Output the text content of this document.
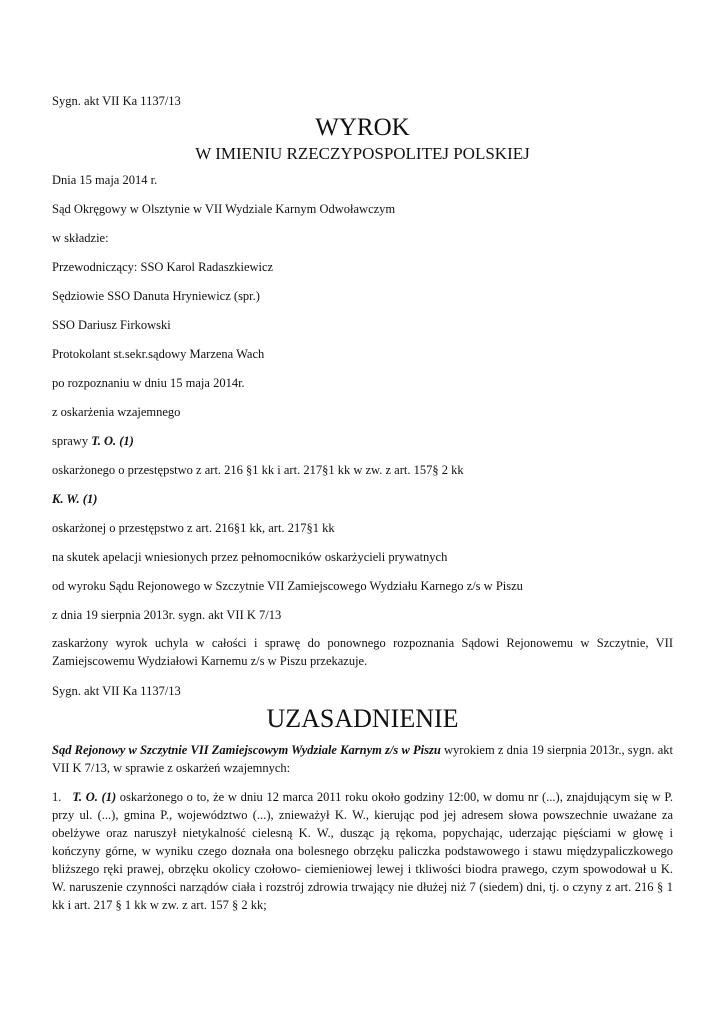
Sygn. akt VII Ka 1137/13
WYROK
W IMIENIU RZECZYPOSPOLITEJ POLSKIEJ
Dnia 15 maja 2014 r.
Sąd Okręgowy w Olsztynie w VII Wydziale Karnym Odwoławczym
w składzie:
Przewodniczący: SSO Karol Radaszkiewicz
Sędziowie SSO Danuta Hryniewicz (spr.)
SSO Dariusz Firkowski
Protokolant st.sekr.sądowy Marzena Wach
po rozpoznaniu w dniu 15 maja 2014r.
z oskarżenia wzajemnego
sprawy T. O. (1)
oskarżonego o przestępstwo z art. 216 §1 kk i art. 217§1 kk w zw. z art. 157§ 2 kk
K. W. (1)
oskarżonej o przestępstwo z art. 216§1 kk, art. 217§1 kk
na skutek apelacji wniesionych przez pełnomocników oskarżycieli prywatnych
od wyroku Sądu Rejonowego w Szczytnie VII Zamiejscowego Wydziału Karnego z/s w Piszu
z dnia 19 sierpnia 2013r. sygn. akt VII K 7/13
zaskarżony wyrok uchyla w całości i sprawę do ponownego rozpoznania Sądowi Rejonowemu w Szczytnie, VII Zamiejscowemu Wydziałowi Karnemu z/s w Piszu przekazuje.
Sygn. akt VII Ka 1137/13
UZASADNIENIE
Sąd Rejonowy w Szczytnie VII Zamiejscowym Wydziale Karnym z/s w Piszu wyrokiem z dnia 19 sierpnia 2013r., sygn. akt VII K 7/13, w sprawie z oskarżeń wzajemnych:
1. T. O. (1) oskarżonego o to, że w dniu 12 marca 2011 roku około godziny 12:00, w domu nr (...), znajdującym się w P. przy ul. (...), gmina P., województwo (...), znieważył K. W., kierując pod jej adresem słowa powszechnie uważane za obelżywe oraz naruszył nietykalność cielesną K. W., dusząc ją rękoma, popychając, uderzając pięściami w głowę i kończyny górne, w wyniku czego doznała ona bolesnego obrzęku paliczka podstawowego i stawu międzypaliczkowego bliższego ręki prawej, obrzęku okolicy czołowo- ciemieniowej lewej i tkliwości biodra prawego, czym spowodował u K. W. naruszenie czynności narządów ciała i rozstrój zdrowia trwający nie dłużej niż 7 (siedem) dni, tj. o czyny z art. 216 § 1 kk i art. 217 § 1 kk w zw. z art. 157 § 2 kk;
